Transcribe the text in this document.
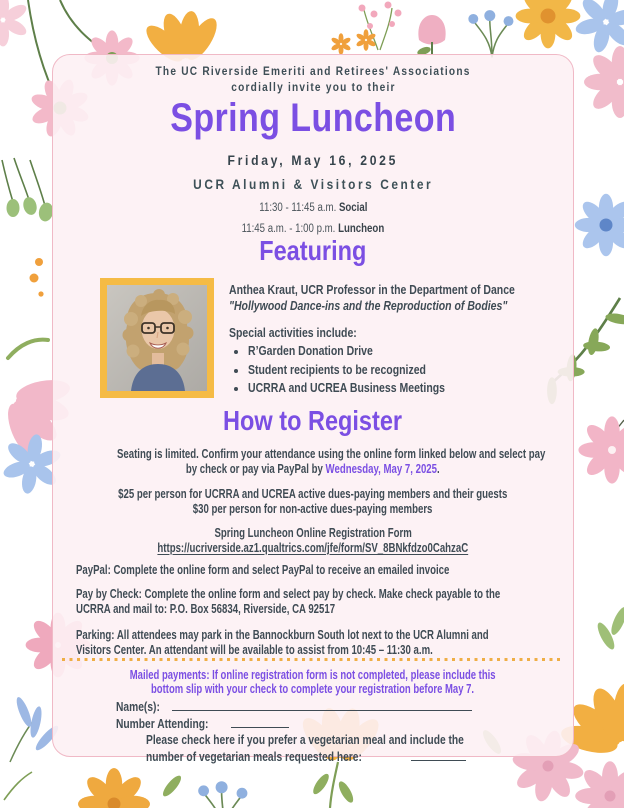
The UC Riverside Emeriti and Retirees' Associations
cordially invite you to their
Spring Luncheon
Friday, May 16, 2025
UCR Alumni & Visitors Center
11:30 - 11:45 a.m. Social
11:45 a.m. - 1:00 p.m. Luncheon
Featuring
Anthea Kraut, UCR Professor in the Department of Dance
"Hollywood Dance-ins and the Reproduction of Bodies"
Special activities include:
• R’Garden Donation Drive
• Student recipients to be recognized
• UCRRA and UCREA Business Meetings
How to Register
Seating is limited. Confirm your attendance using the online form linked below and select pay
by check or pay via PayPal by Wednesday, May 7, 2025.
$25 per person for UCRRA and UCREA active dues-paying members and their guests
$30 per person for non-active dues-paying members
Spring Luncheon Online Registration Form
https://ucriverside.az1.qualtrics.com/jfe/form/SV_8BNkfdzo0CahzaC
PayPal: Complete the online form and select PayPal to receive an emailed invoice
Pay by Check: Complete the online form and select pay by check. Make check payable to the
UCRRA and mail to: P.O. Box 56834, Riverside, CA 92517
Parking: All attendees may park in the Bannockburn South lot next to the UCR Alumni and
Visitors Center. An attendant will be available to assist from 10:45 – 11:30 a.m.
Mailed payments: If online registration form is not completed, please include this
bottom slip with your check to complete your registration before May 7.
Name(s):
Number Attending:
Please check here if you prefer a vegetarian meal and include the
number of vegetarian meals requested here:
